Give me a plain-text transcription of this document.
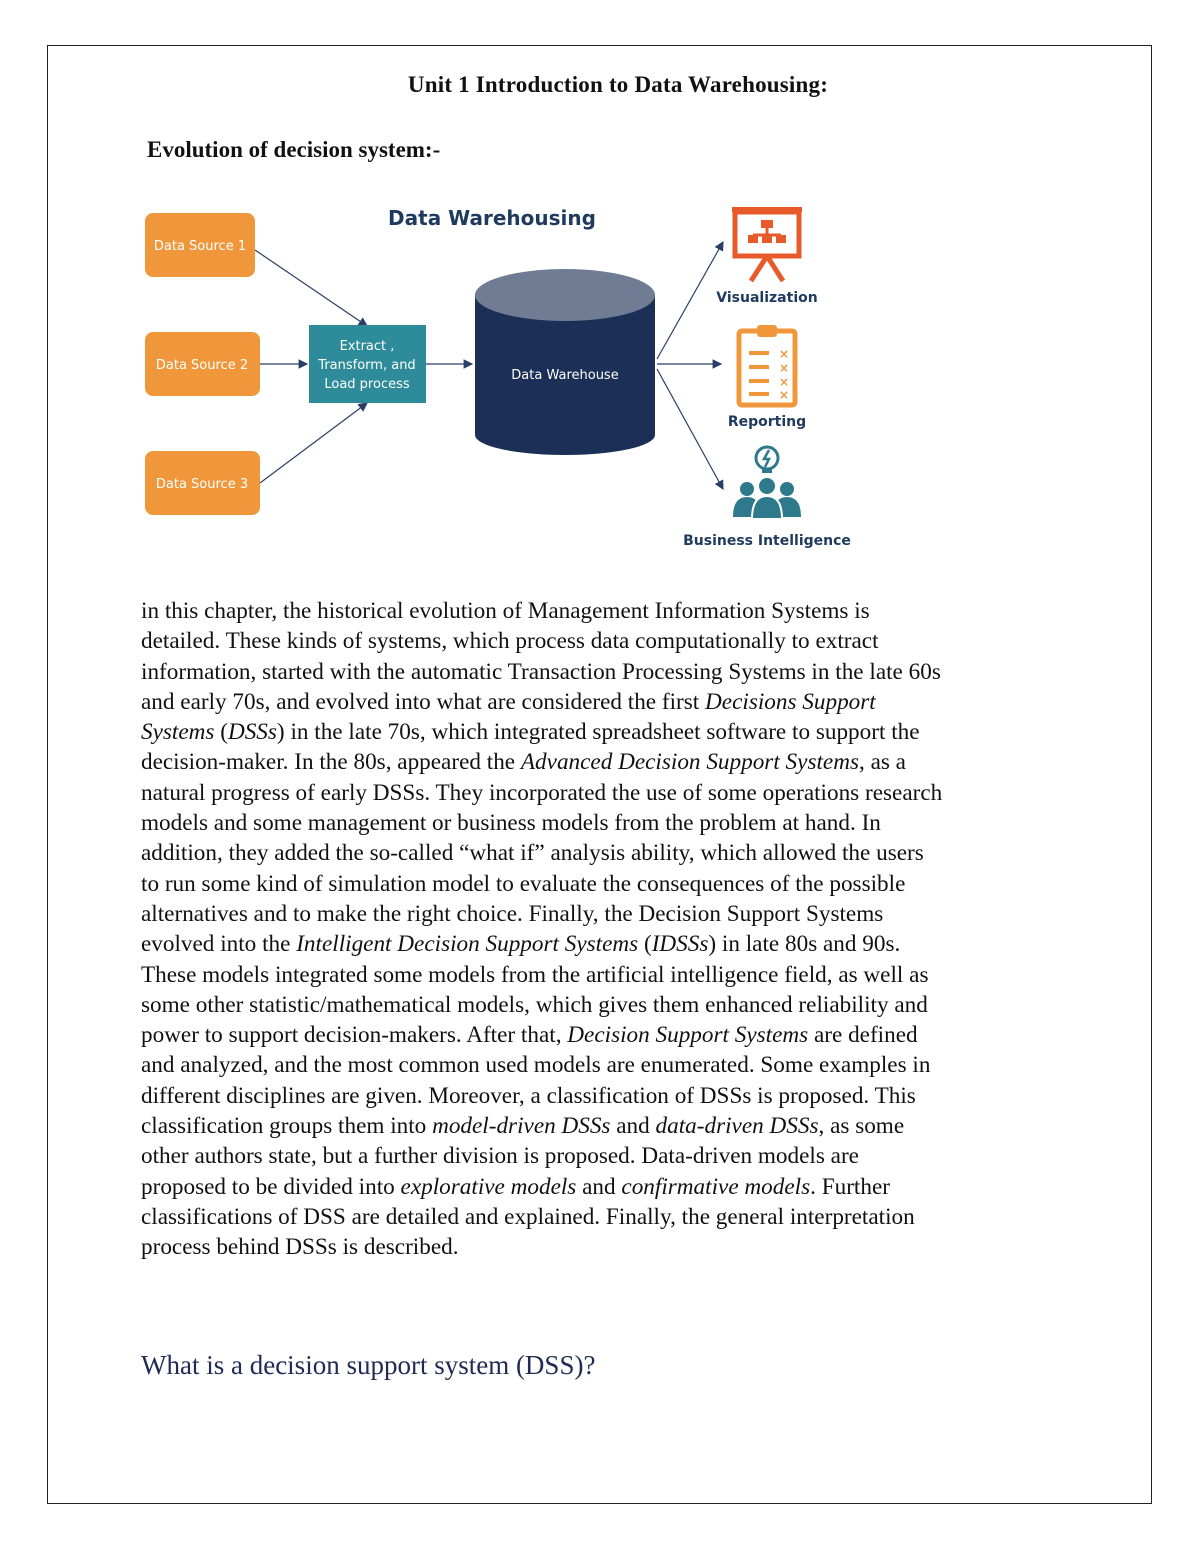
Unit 1 Introduction to Data Warehousing:
Evolution of decision system:-
Data Warehousing
Data Source 1
Data Source 2
Data Source 3
Extract ,
Transform, and
Load process
Data Warehouse
Visualization
×
×
×
×
Reporting
Business Intelligence
in this chapter, the historical evolution of Management Information Systems is
detailed. These kinds of systems, which process data computationally to extract
information, started with the automatic Transaction Processing Systems in the late 60s
and early 70s, and evolved into what are considered the first Decisions Support
Systems (DSSs) in the late 70s, which integrated spreadsheet software to support the
decision-maker. In the 80s, appeared the Advanced Decision Support Systems, as a
natural progress of early DSSs. They incorporated the use of some operations research
models and some management or business models from the problem at hand. In
addition, they added the so-called “what if” analysis ability, which allowed the users
to run some kind of simulation model to evaluate the consequences of the possible
alternatives and to make the right choice. Finally, the Decision Support Systems
evolved into the Intelligent Decision Support Systems (IDSSs) in late 80s and 90s.
These models integrated some models from the artificial intelligence field, as well as
some other statistic/mathematical models, which gives them enhanced reliability and
power to support decision-makers. After that, Decision Support Systems are defined
and analyzed, and the most common used models are enumerated. Some examples in
different disciplines are given. Moreover, a classification of DSSs is proposed. This
classification groups them into model-driven DSSs and data-driven DSSs, as some
other authors state, but a further division is proposed. Data-driven models are
proposed to be divided into explorative models and confirmative models. Further
classifications of DSS are detailed and explained. Finally, the general interpretation
process behind DSSs is described.
What is a decision support system (DSS)?
